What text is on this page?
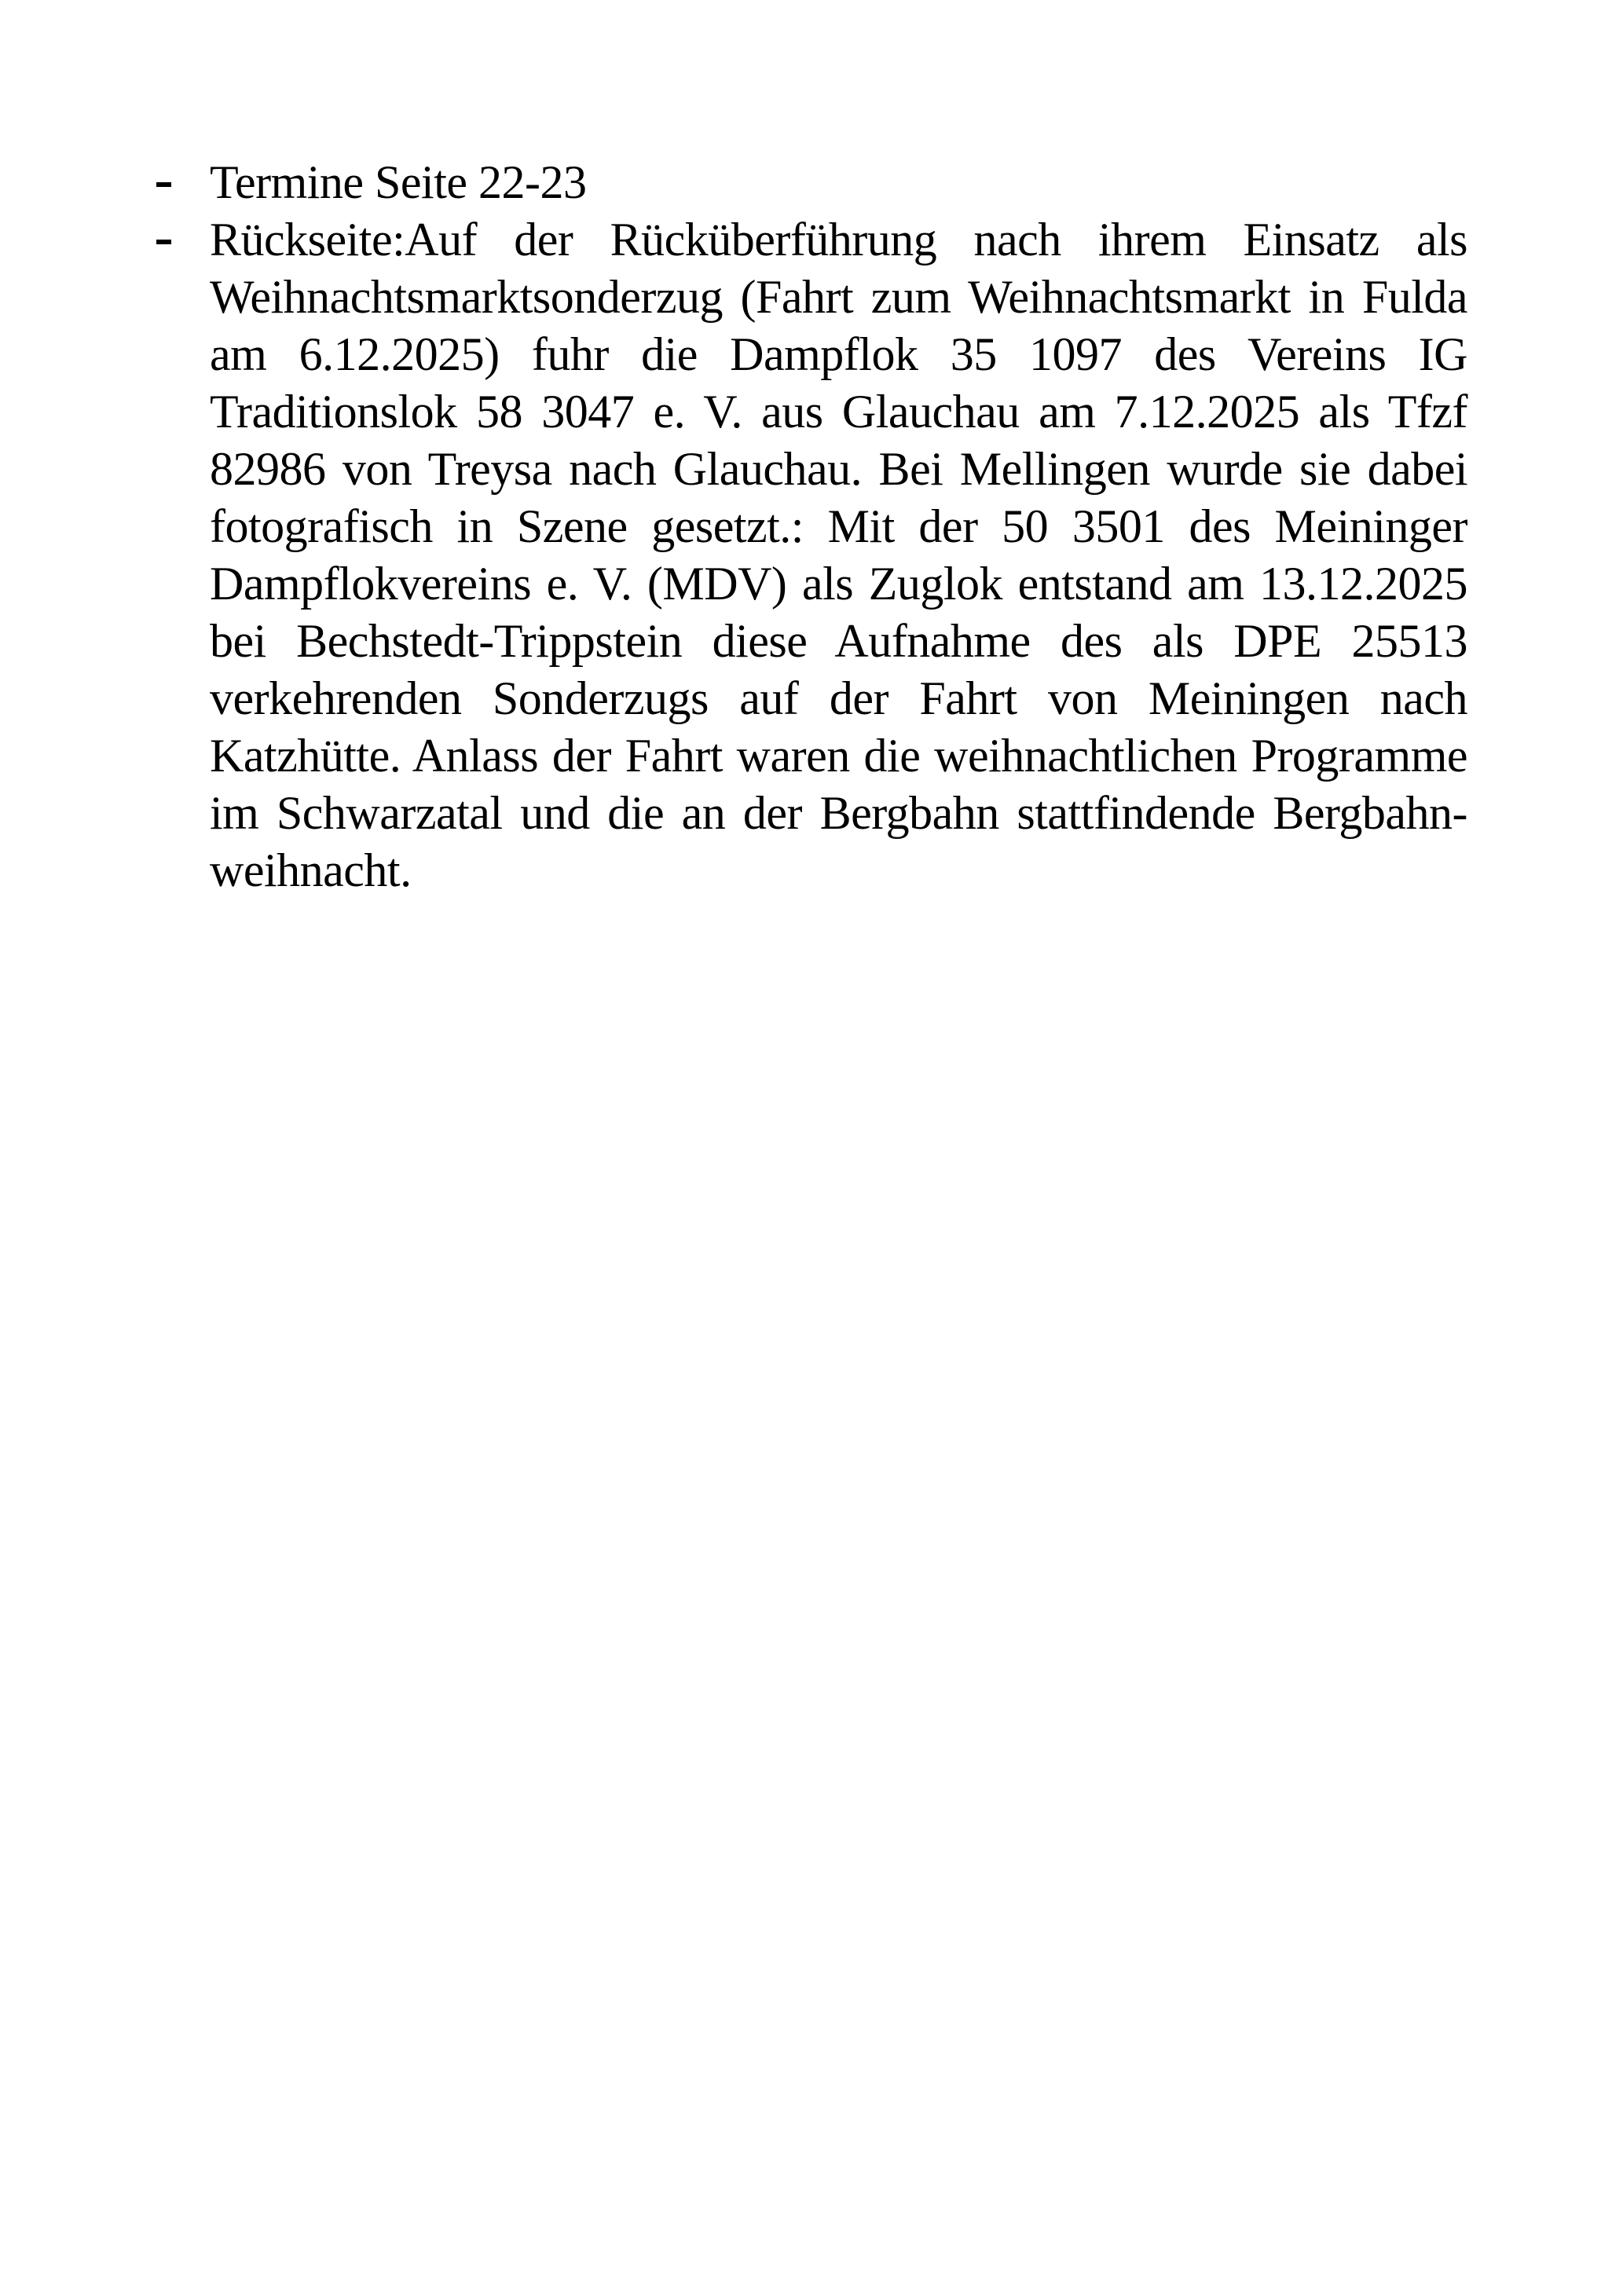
Termine Seite 22-23
Rückseite:Auf der Rücküberführung nach ihrem Einsatz als
Weihnachtsmarktsonderzug (Fahrt zum Weihnachtsmarkt in Fulda
am 6.12.2025) fuhr die Dampflok 35 1097 des Vereins IG
Traditionslok 58 3047 e. V. aus Glauchau am 7.12.2025 als Tfzf
82986 von Treysa nach Glauchau. Bei Mellingen wurde sie dabei
fotografisch in Szene gesetzt.: Mit der 50 3501 des Meininger
Dampflokvereins e. V. (MDV) als Zuglok entstand am 13.12.2025
bei Bechstedt-Trippstein diese Aufnahme des als DPE 25513
verkehrenden Sonderzugs auf der Fahrt von Meiningen nach
Katzhütte. Anlass der Fahrt waren die weihnachtlichen Programme
im Schwarzatal und die an der Bergbahn stattfindende Bergbahn-
weihnacht.
